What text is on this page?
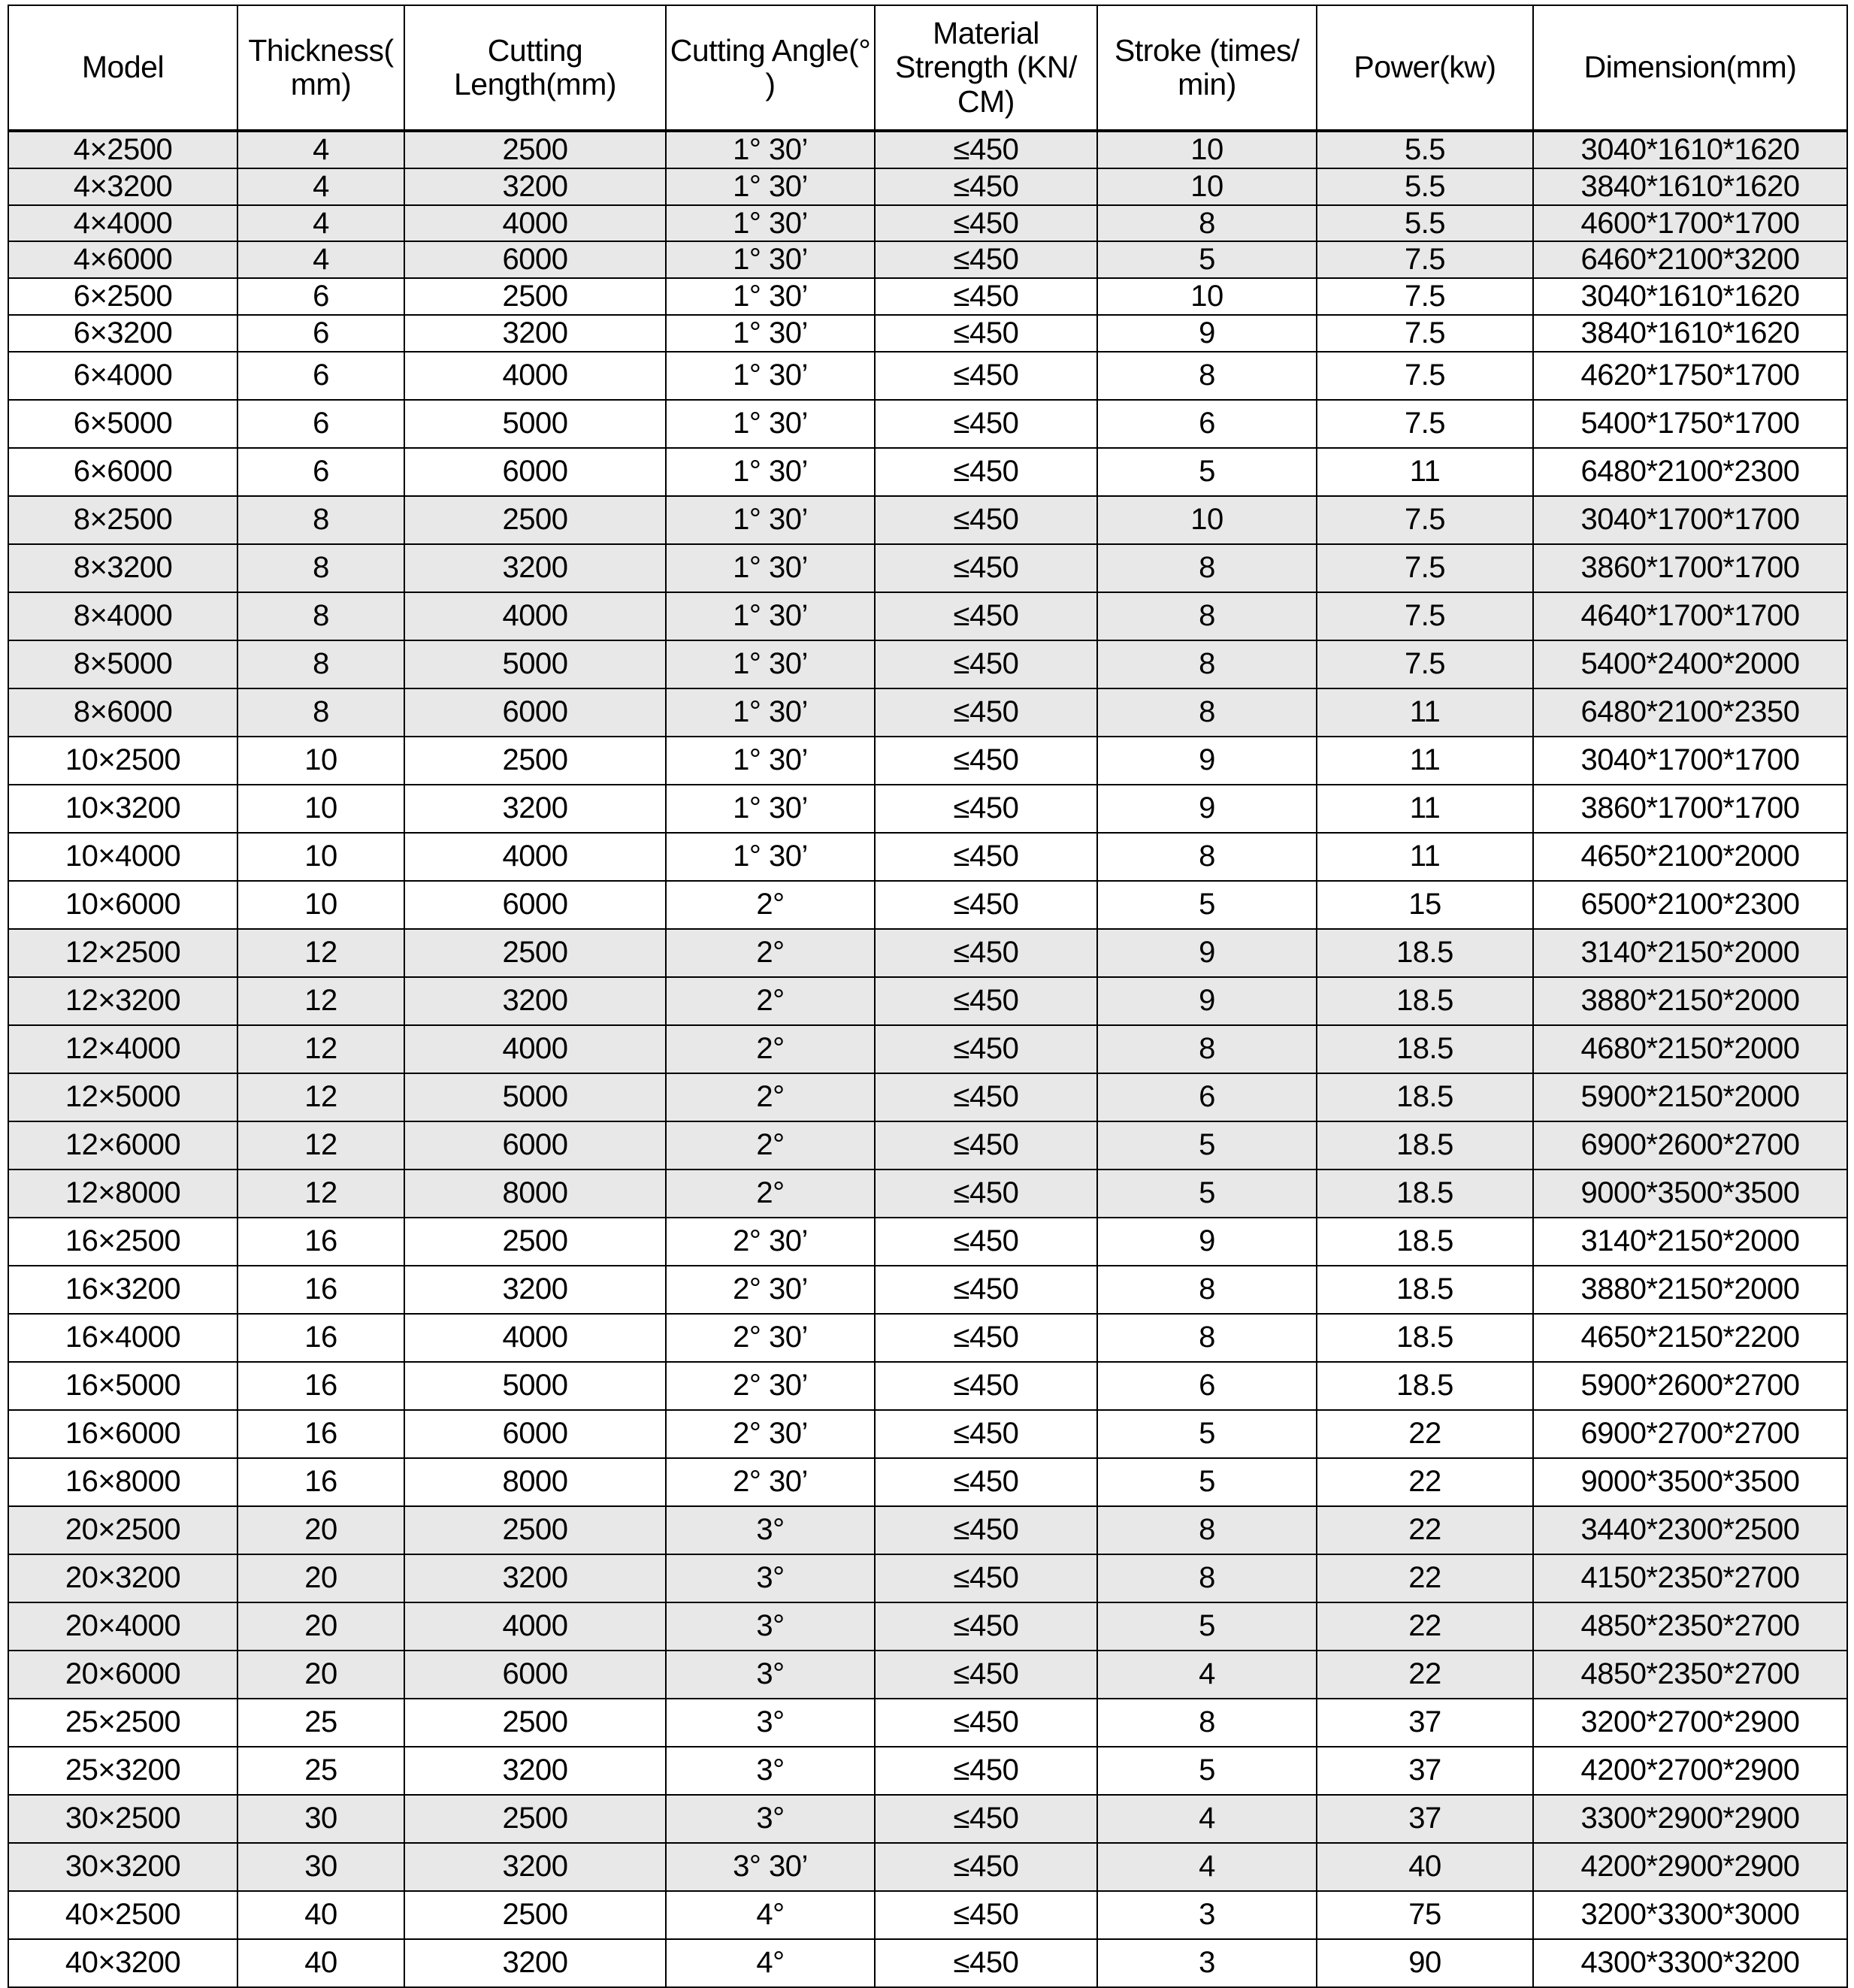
Model	Thickness( mm)	Cutting Length(mm)	Cutting Angle(° )	Material Strength (KN/ CM)	Stroke (times/ min)	Power(kw)	Dimension(mm)
4×2500	4	2500	1° 30’	≤450	10	5.5	3040*1610*1620
4×3200	4	3200	1° 30’	≤450	10	5.5	3840*1610*1620
4×4000	4	4000	1° 30’	≤450	8	5.5	4600*1700*1700
4×6000	4	6000	1° 30’	≤450	5	7.5	6460*2100*3200
6×2500	6	2500	1° 30’	≤450	10	7.5	3040*1610*1620
6×3200	6	3200	1° 30’	≤450	9	7.5	3840*1610*1620
6×4000	6	4000	1° 30’	≤450	8	7.5	4620*1750*1700
6×5000	6	5000	1° 30’	≤450	6	7.5	5400*1750*1700
6×6000	6	6000	1° 30’	≤450	5	11	6480*2100*2300
8×2500	8	2500	1° 30’	≤450	10	7.5	3040*1700*1700
8×3200	8	3200	1° 30’	≤450	8	7.5	3860*1700*1700
8×4000	8	4000	1° 30’	≤450	8	7.5	4640*1700*1700
8×5000	8	5000	1° 30’	≤450	8	7.5	5400*2400*2000
8×6000	8	6000	1° 30’	≤450	8	11	6480*2100*2350
10×2500	10	2500	1° 30’	≤450	9	11	3040*1700*1700
10×3200	10	3200	1° 30’	≤450	9	11	3860*1700*1700
10×4000	10	4000	1° 30’	≤450	8	11	4650*2100*2000
10×6000	10	6000	2°	≤450	5	15	6500*2100*2300
12×2500	12	2500	2°	≤450	9	18.5	3140*2150*2000
12×3200	12	3200	2°	≤450	9	18.5	3880*2150*2000
12×4000	12	4000	2°	≤450	8	18.5	4680*2150*2000
12×5000	12	5000	2°	≤450	6	18.5	5900*2150*2000
12×6000	12	6000	2°	≤450	5	18.5	6900*2600*2700
12×8000	12	8000	2°	≤450	5	18.5	9000*3500*3500
16×2500	16	2500	2° 30’	≤450	9	18.5	3140*2150*2000
16×3200	16	3200	2° 30’	≤450	8	18.5	3880*2150*2000
16×4000	16	4000	2° 30’	≤450	8	18.5	4650*2150*2200
16×5000	16	5000	2° 30’	≤450	6	18.5	5900*2600*2700
16×6000	16	6000	2° 30’	≤450	5	22	6900*2700*2700
16×8000	16	8000	2° 30’	≤450	5	22	9000*3500*3500
20×2500	20	2500	3°	≤450	8	22	3440*2300*2500
20×3200	20	3200	3°	≤450	8	22	4150*2350*2700
20×4000	20	4000	3°	≤450	5	22	4850*2350*2700
20×6000	20	6000	3°	≤450	4	22	4850*2350*2700
25×2500	25	2500	3°	≤450	8	37	3200*2700*2900
25×3200	25	3200	3°	≤450	5	37	4200*2700*2900
30×2500	30	2500	3°	≤450	4	37	3300*2900*2900
30×3200	30	3200	3° 30’	≤450	4	40	4200*2900*2900
40×2500	40	2500	4°	≤450	3	75	3200*3300*3000
40×3200	40	3200	4°	≤450	3	90	4300*3300*3200
